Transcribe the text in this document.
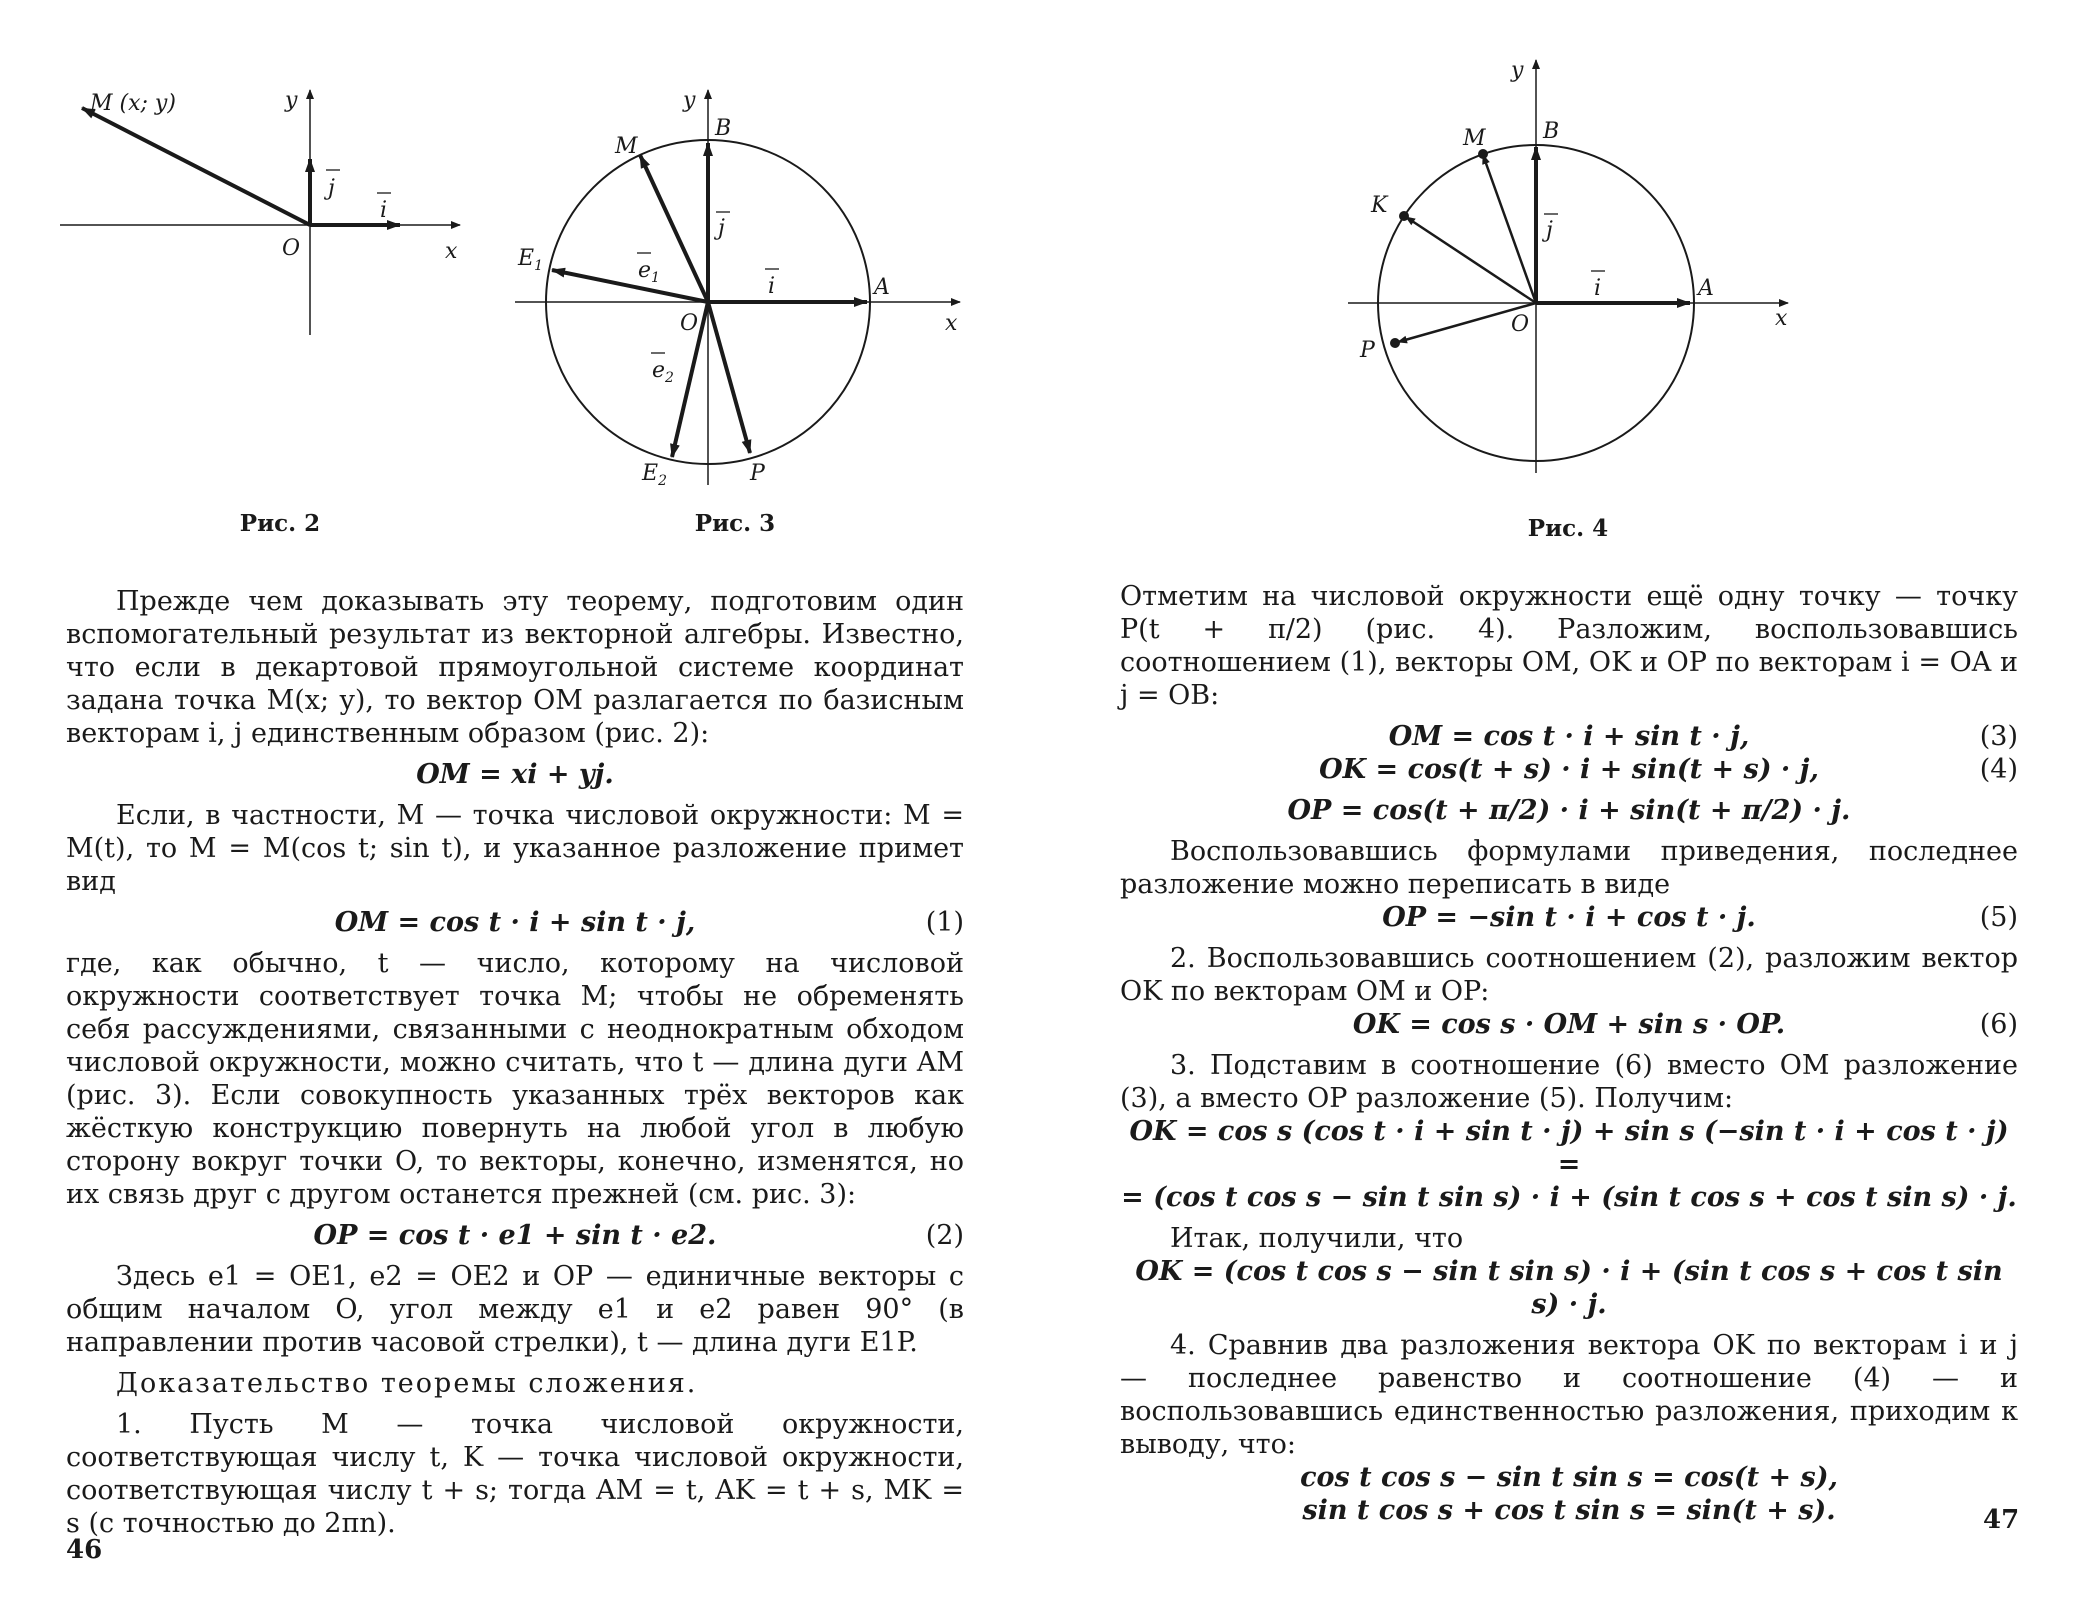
M (x; y)	y
j
i
O	x
Рис. 2
y
B
M
j
$E_1$	$e_1$	i	A
O	x
$e_2$
$E_2$	P
Рис. 3

Прежде чем доказывать эту теорему, подготовим один вспомогательный результат из векторной алгебры. Известно, что если в декартовой прямоугольной системе координат задана точка M(x; y), то вектор OM разлагается по базисным векторам i, j единственным образом (рис. 2):

OM = xi + yj.

Если, в частности, M — точка числовой окружности: M = M(t), то M = M(cos t; sin t), и указанное разложение примет вид

OM = cos t · i + sin t · j,	(1)

где, как обычно, t — число, которому на числовой окружности соответствует точка M; чтобы не обременять себя рассуждениями, связанными с неоднократным обходом числовой окружности, можно считать, что t — длина дуги AM (рис. 3). Если совокупность указанных трёх векторов как жёсткую конструкцию повернуть на любой угол в любую сторону вокруг точки O, то векторы, конечно, изменятся, но их связь друг с другом останется прежней (см. рис. 3):

OP = cos t · e1 + sin t · e2.	(2)

Здесь e1 = OE1, e2 = OE2 и OP — единичные векторы с общим началом O, угол между e1 и e2 равен 90° (в направлении против часовой стрелки), t — длина дуги E1P.

Доказательство теоремы сложения.

1. Пусть M — точка числовой окружности, соответствующая числу t, K — точка числовой окружности, соответствующая числу t + s; тогда AM = t, AK = t + s, MK = s (с точностью до 2πn).

46
y
B
M
K
j
i	A
O	x
P
Рис. 4

Отметим на числовой окружности ещё одну точку — точку P(t + π/2) (рис. 4). Разложим, воспользовавшись соотношением (1), векторы OM, OK и OP по векторам i = OA и j = OB:

OM = cos t · i + sin t · j,	(3)

OK = cos(t + s) · i + sin(t + s) · j,	(4)

OP = cos(t + π/2) · i + sin(t + π/2) · j.

Воспользовавшись формулами приведения, последнее разложение можно переписать в виде

OP = −sin t · i + cos t · j.	(5)

2. Воспользовавшись соотношением (2), разложим вектор OK по векторам OM и OP:

OK = cos s · OM + sin s · OP.	(6)

3. Подставим в соотношение (6) вместо OM разложение (3), а вместо OP разложение (5). Получим:

OK = cos s (cos t · i + sin t · j) + sin s (−sin t · i + cos t · j) =

= (cos t cos s − sin t sin s) · i + (sin t cos s + cos t sin s) · j.

Итак, получили, что

OK = (cos t cos s − sin t sin s) · i + (sin t cos s + cos t sin s) · j.

4. Сравнив два разложения вектора OK по векторам i и j — последнее равенство и соотношение (4) — и воспользовавшись единственностью разложения, приходим к выводу, что:

cos t cos s − sin t sin s = cos(t + s),

sin t cos s + cos t sin s = sin(t + s).	47
